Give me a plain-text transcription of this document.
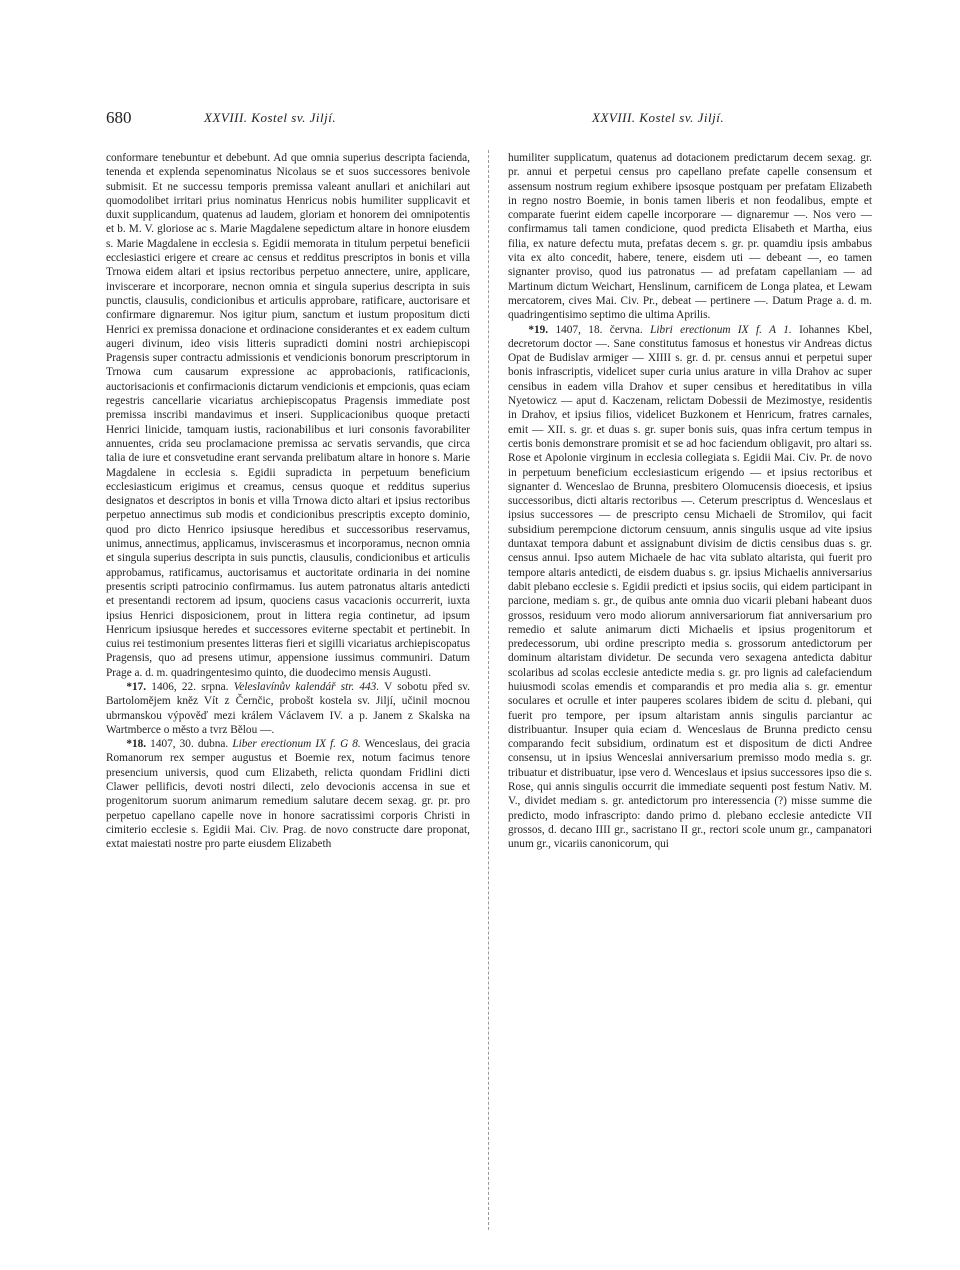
680	XXVIII. Kostel sv. Jiljí.	XXVIII. Kostel sv. Jiljí.

conformare tenebuntur et debebunt. Ad que omnia superius descripta facienda, tenenda et explenda sepenominatus Nicolaus se et suos successores benivole submisit. Et ne successu temporis premissa valeant anullari et anichilari aut quomodolibet irritari prius nominatus Henricus nobis humiliter supplicavit et duxit supplicandum, quatenus ad laudem, gloriam et honorem dei omnipotentis et b. M. V. gloriose ac s. Marie Magdalene sepedictum altare in honore eiusdem s. Marie Magdalene in ecclesia s. Egidii memorata in titulum perpetui beneficii ecclesiastici erigere et creare ac census et redditus prescriptos in bonis et villa Trnowa eidem altari et ipsius rectoribus perpetuo annectere, unire, applicare, inviscerare et incorporare, necnon omnia et singula superius descripta in suis punctis, clausulis, condicionibus et articulis approbare, ratificare, auctorisare et confirmare dignaremur. Nos igitur pium, sanctum et iustum propositum dicti Henrici ex premissa donacione et ordinacione considerantes et ex eadem cultum augeri divinum, ideo visis litteris supradicti domini nostri archiepiscopi Pragensis super contractu admissionis et vendicionis bonorum prescriptorum in Trnowa cum causarum expressione ac approbacionis, ratificacionis, auctorisacionis et confirmacionis dictarum vendicionis et empcionis, quas eciam regestris cancellarie vicariatus archiepiscopatus Pragensis immediate post premissa inscribi mandavimus et inseri. Supplicacionibus quoque pretacti Henrici linicide, tamquam iustis, racionabilibus et iuri consonis favorabiliter annuentes, crida seu proclamacione premissa ac servatis servandis, que circa talia de iure et consvetudine erant servanda prelibatum altare in honore s. Marie Magdalene in ecclesia s. Egidii supradicta in perpetuum beneficium ecclesiasticum erigimus et creamus, census quoque et redditus superius designatos et descriptos in bonis et villa Trnowa dicto altari et ipsius rectoribus perpetuo annectimus sub modis et condicionibus prescriptis excepto dominio, quod pro dicto Henrico ipsiusque heredibus et successoribus reservamus, unimus, annectimus, applicamus, inviscerasmus et incorporamus, necnon omnia et singula superius descripta in suis punctis, clausulis, condicionibus et articulis approbamus, ratificamus, auctorisamus et auctoritate ordinaria in dei nomine presentis scripti patrocinio confirmamus. Ius autem patronatus altaris antedicti et presentandi rectorem ad ipsum, quociens casus vacacionis occurrerit, iuxta ipsius Henrici disposicionem, prout in littera regia continetur, ad ipsum Henricum ipsiusque heredes et successores eviterne spectabit et pertinebit. In cuius rei testimonium presentes litteras fieri et sigilli vicariatus archiepiscopatus Pragensis, quo ad presens utimur, appensione iussimus communiri. Datum Prage a. d. m. quadringentesimo quinto, die duodecimo mensis Augusti.

*17. 1406, 22. srpna. Veleslavínův kalendář str. 443. V sobotu před sv. Bartolomějem kněz Vít z Černčic, probošt kostela sv. Jiljí, učinil mocnou ubrmanskou výpověď mezi králem Václavem IV. a p. Janem z Skalska na Wartmberce o město a tvrz Bělou —.

*18. 1407, 30. dubna. Liber erectionum IX f. G 8. Wenceslaus, dei gracia Romanorum rex semper augustus et Boemie rex, notum facimus tenore presencium universis, quod cum Elizabeth, relicta quondam Fridlini dicti Clawer pellificis, devoti nostri dilecti, zelo devocionis accensa in sue et progenitorum suorum animarum remedium salutare decem sexag. gr. pr. pro perpetuo capellano capelle nove in honore sacratissimi corporis Christi in cimiterio ecclesie s. Egidii Mai. Civ. Prag. de novo constructe dare proponat, extat maiestati nostre pro parte eiusdem Elizabeth

humiliter supplicatum, quatenus ad dotacionem predictarum decem sexag. gr. pr. annui et perpetui census pro capellano prefate capelle consensum et assensum nostrum regium exhibere ipsosque postquam per prefatam Elizabeth in regno nostro Boemie, in bonis tamen liberis et non feodalibus, empte et comparate fuerint eidem capelle incorporare — dignaremur —. Nos vero — confirmamus tali tamen condicione, quod predicta Elisabeth et Martha, eius filia, ex nature defectu muta, prefatas decem s. gr. pr. quamdiu ipsis ambabus vita ex alto concedit, habere, tenere, eisdem uti — debeant —, eo tamen signanter proviso, quod ius patronatus — ad prefatam capellaniam — ad Martinum dictum Weichart, Henslinum, carnificem de Longa platea, et Lewam mercatorem, cives Mai. Civ. Pr., debeat — pertinere —. Datum Prage a. d. m. quadringentisimo septimo die ultima Aprilis.

*19. 1407, 18. června. Libri erectionum IX f. A 1. Iohannes Kbel, decretorum doctor —. Sane constitutus famosus et honestus vir Andreas dictus Opat de Budislav armiger — XIIII s. gr. d. pr. census annui et perpetui super bonis infrascriptis, videlicet super curia unius arature in villa Drahov ac super censibus in eadem villa Drahov et super censibus et hereditatibus in villa Nyetowicz — aput d. Kaczenam, relictam Dobessii de Mezimostye, residentis in Drahov, et ipsius filios, videlicet Buzkonem et Henricum, fratres carnales, emit — XII. s. gr. et duas s. gr. super bonis suis, quas infra certum tempus in certis bonis demonstrare promisit et se ad hoc faciendum obligavit, pro altari ss. Rose et Apolonie virginum in ecclesia collegiata s. Egidii Mai. Civ. Pr. de novo in perpetuum beneficium ecclesiasticum erigendo — et ipsius rectoribus et signanter d. Wenceslao de Brunna, presbitero Olomucensis dioecesis, et ipsius successoribus, dicti altaris rectoribus —. Ceterum prescriptus d. Wenceslaus et ipsius successores — de prescripto censu Michaeli de Stromilov, qui facit subsidium perempcione dictorum censuum, annis singulis usque ad vite ipsius duntaxat tempora dabunt et assignabunt divisim de dictis censibus duas s. gr. census annui. Ipso autem Michaele de hac vita sublato altarista, qui fuerit pro tempore altaris antedicti, de eisdem duabus s. gr. ipsius Michaelis anniversarius dabit plebano ecclesie s. Egidii predicti et ipsius sociis, qui eidem participant in parcione, mediam s. gr., de quibus ante omnia duo vicarii plebani habeant duos grossos, residuum vero modo aliorum anniversariorum fiat anniversarium pro remedio et salute animarum dicti Michaelis et ipsius progenitorum et predecessorum, ubi ordine prescripto media s. grossorum antedictorum per dominum altaristam dividetur. De secunda vero sexagena antedicta dabitur scolaribus ad scolas ecclesie antedicte media s. gr. pro lignis ad calefaciendum huiusmodi scolas emendis et comparandis et pro media alia s. gr. ementur soculares et ocrulle et inter pauperes scolares ibidem de scitu d. plebani, qui fuerit pro tempore, per ipsum altaristam annis singulis parciantur ac distribuantur. Insuper quia eciam d. Wenceslaus de Brunna predicto censu comparando fecit subsidium, ordinatum est et dispositum de dicti Andree consensu, ut in ipsius Wenceslai anniversarium premisso modo media s. gr. tribuatur et distribuatur, ipse vero d. Wenceslaus et ipsius successores ipso die s. Rose, qui annis singulis occurrit die immediate sequenti post festum Nativ. M. V., dividet mediam s. gr. antedictorum pro interessencia (?) misse summe die predicto, modo infrascripto: dando primo d. plebano ecclesie antedicte VII grossos, d. decano IIII gr., sacristano II gr., rectori scole unum gr., campanatori unum gr., vicariis canonicorum, qui
